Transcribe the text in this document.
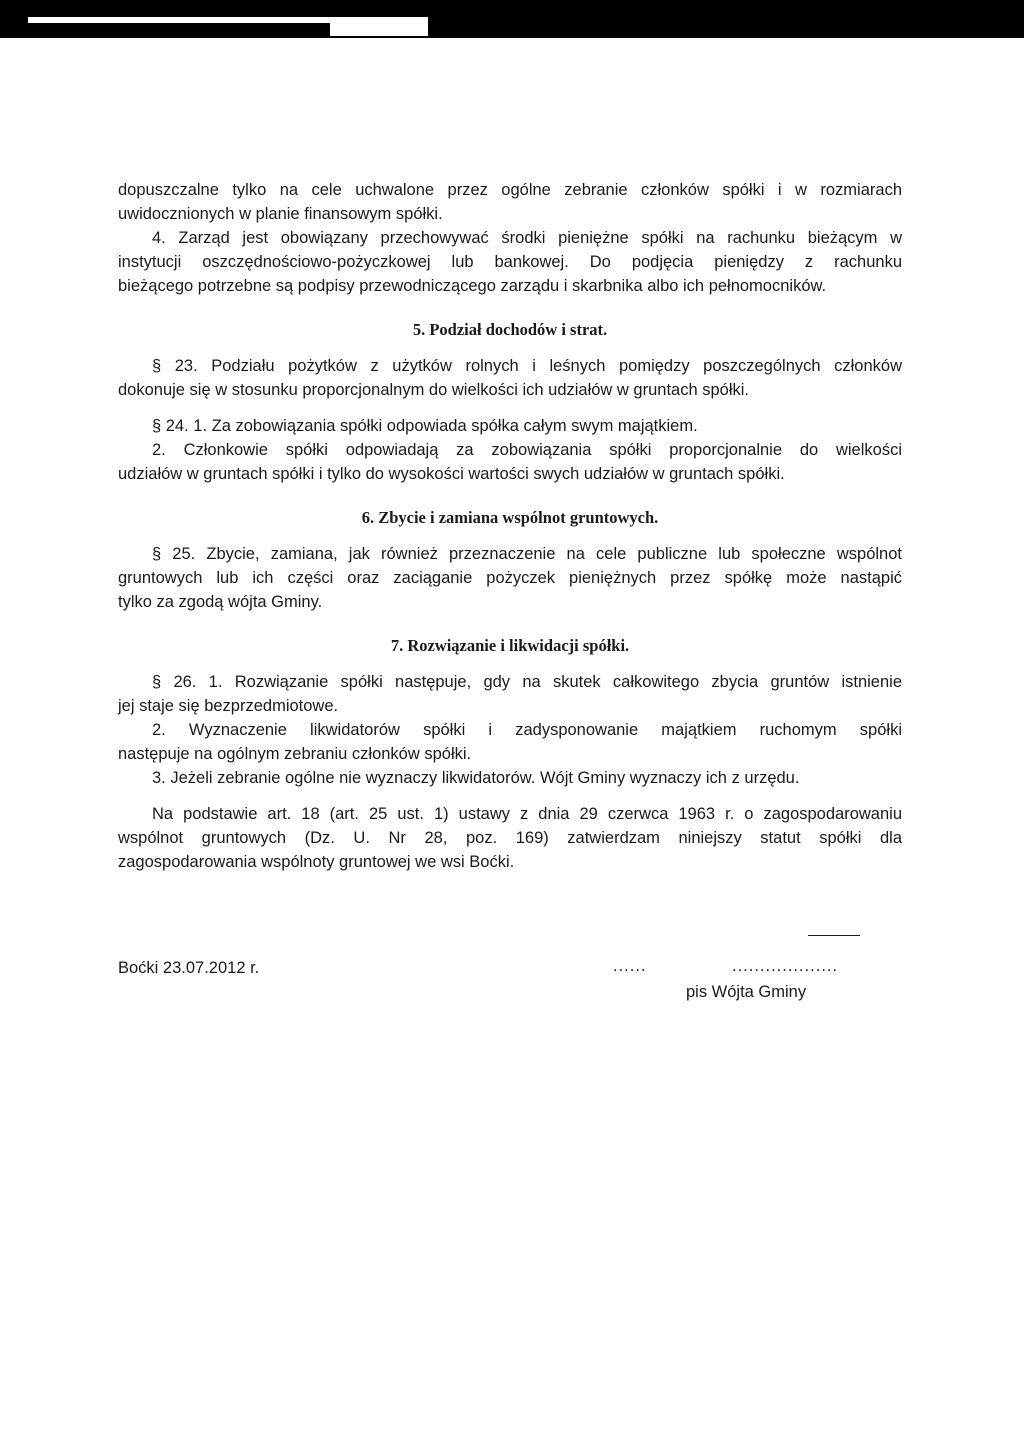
dopuszczalne tylko na cele uchwalone przez ogólne zebranie członków spółki i w rozmiarach
uwidocznionych w planie finansowym spółki.
4. Zarząd jest obowiązany przechowywać środki pieniężne spółki na rachunku bieżącym w
instytucji oszczędnościowo-pożyczkowej lub bankowej. Do podjęcia pieniędzy z rachunku
bieżącego potrzebne są podpisy przewodniczącego zarządu i skarbnika albo ich pełnomocników.
5. Podział dochodów i strat.
§ 23. Podziału pożytków z użytków rolnych i leśnych pomiędzy poszczególnych członków
dokonuje się w stosunku proporcjonalnym do wielkości ich udziałów w gruntach spółki.
§ 24. 1. Za zobowiązania spółki odpowiada spółka całym swym majątkiem.
2. Członkowie spółki odpowiadają za zobowiązania spółki proporcjonalnie do wielkości
udziałów w gruntach spółki i tylko do wysokości wartości swych udziałów w gruntach spółki.
6. Zbycie i zamiana wspólnot gruntowych.
§ 25. Zbycie, zamiana, jak również przeznaczenie na cele publiczne lub społeczne wspólnot
gruntowych lub ich części oraz zaciąganie pożyczek pieniężnych przez spółkę może nastąpić
tylko za zgodą wójta Gminy.
7. Rozwiązanie i likwidacji spółki.
§ 26. 1. Rozwiązanie spółki następuje, gdy na skutek całkowitego zbycia gruntów istnienie
jej staje się bezprzedmiotowe.
2. Wyznaczenie likwidatorów spółki i zadysponowanie majątkiem ruchomym spółki
następuje na ogólnym zebraniu członków spółki.
3. Jeżeli zebranie ogólne nie wyznaczy likwidatorów. Wójt Gminy wyznaczy ich z urzędu.
Na podstawie art. 18 (art. 25 ust. 1) ustawy z dnia 29 czerwca 1963 r. o zagospodarowaniu
wspólnot gruntowych (Dz. U. Nr 28, poz. 169) zatwierdzam niniejszy statut spółki dla
zagospodarowania wspólnoty gruntowej we wsi Boćki.
Boćki 23.07.2012 r.	......	...................
pis Wójta Gminy
